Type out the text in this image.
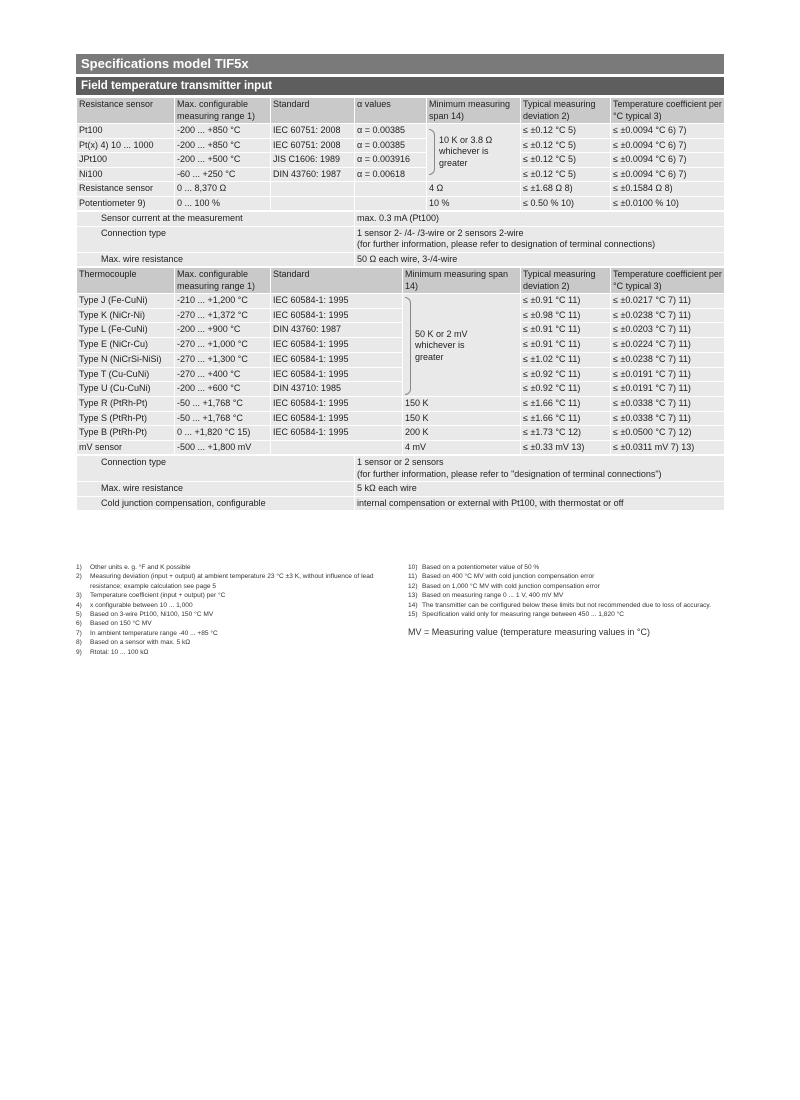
Specifications model TIF5x
Field temperature transmitter input
Resistance sensor	Max. configurable measuring range 1)	Standard	α values	Minimum measuring span 14)	Typical measuring deviation 2)	Temperature coefficient per °C typical 3)
Pt100	-200 ... +850 °C	IEC 60751: 2008	α = 0.00385	10 K or 3.8 Ω whichever is greater	≤ ±0.12 °C 5)	≤ ±0.0094 °C 6) 7)
Pt(x) 4) 10 ... 1000	-200 ... +850 °C	IEC 60751: 2008	α = 0.00385		≤ ±0.12 °C 5)	≤ ±0.0094 °C 6) 7)
JPt100	-200 ... +500 °C	JIS C1606: 1989	α = 0.003916		≤ ±0.12 °C 5)	≤ ±0.0094 °C 6) 7)
Ni100	-60 ... +250 °C	DIN 43760: 1987	α = 0.00618		≤ ±0.12 °C 5)	≤ ±0.0094 °C 6) 7)
Resistance sensor	0 ... 8,370 Ω			4 Ω	≤ ±1.68 Ω 8)	≤ ±0.1584 Ω 8)
Potentiometer 9)	0 ... 100 %			10 %	≤ 0.50 % 10)	≤ ±0.0100 % 10)
Sensor current at the measurement	max. 0.3 mA (Pt100)
Connection type	1 sensor 2- /4- /3-wire or 2 sensors 2-wire
(for further information, please refer to designation of terminal connections)

Max. wire resistance	50 Ω each wire, 3-/4-wire
Thermocouple	Max. configurable measuring range 1)	Standard	Minimum measuring span 14)	Typical measuring deviation 2)	Temperature coefficient per °C typical 3)
Type J (Fe-CuNi)	-210 ... +1,200 °C	IEC 60584-1: 1995	50 K or 2 mV whichever is greater	≤ ±0.91 °C 11)	≤ ±0.0217 °C 7) 11)
Type K (NiCr-Ni)	-270 ... +1,372 °C	IEC 60584-1: 1995		≤ ±0.98 °C 11)	≤ ±0.0238 °C 7) 11)
Type L (Fe-CuNi)	-200 ... +900 °C	DIN 43760: 1987		≤ ±0.91 °C 11)	≤ ±0.0203 °C 7) 11)
Type E (NiCr-Cu)	-270 ... +1,000 °C	IEC 60584-1: 1995		≤ ±0.91 °C 11)	≤ ±0.0224 °C 7) 11)
Type N (NiCrSi-NiSi)	-270 ... +1,300 °C	IEC 60584-1: 1995		≤ ±1.02 °C 11)	≤ ±0.0238 °C 7) 11)
Type T (Cu-CuNi)	-270 ... +400 °C	IEC 60584-1: 1995		≤ ±0.92 °C 11)	≤ ±0.0191 °C 7) 11)
Type U (Cu-CuNi)	-200 ... +600 °C	DIN 43710: 1985		≤ ±0.92 °C 11)	≤ ±0.0191 °C 7) 11)
Type R (PtRh-Pt)	-50 ... +1,768 °C	IEC 60584-1: 1995	150 K	≤ ±1.66 °C 11)	≤ ±0.0338 °C 7) 11)
Type S (PtRh-Pt)	-50 ... +1,768 °C	IEC 60584-1: 1995	150 K	≤ ±1.66 °C 11)	≤ ±0.0338 °C 7) 11)
Type B (PtRh-Pt)	0 ... +1,820 °C 15)	IEC 60584-1: 1995	200 K	≤ ±1.73 °C 12)	≤ ±0.0500 °C 7) 12)
mV sensor	-500 ... +1,800 mV		4 mV	≤ ±0.33 mV 13)	≤ ±0.0311 mV 7) 13)
Connection type	1 sensor or 2 sensors
(for further information, please refer to "designation of terminal connections")

Max. wire resistance	5 kΩ each wire
Cold junction compensation, configurable	internal compensation or external with Pt100, with thermostat or off
1)	Other units e. g. °F and K possible
2)	Measuring deviation (input + output) at ambient temperature 23 °C ±3 K, without influence of lead resistance; example calculation see page 5
3)	Temperature coefficient (input + output) per °C
4)	x configurable between 10 ... 1,000
5)	Based on 3-wire Pt100, Ni100, 150 °C MV
6)	Based on 150 °C MV
7)	In ambient temperature range -40 ... +85 °C
8)	Based on a sensor with max. 5 kΩ
9)	Rtotal: 10 ... 100 kΩ
10) Based on a potentiometer value of 50 %
11) Based on 400 °C MV with cold junction compensation error
12) Based on 1,000 °C MV with cold junction compensation error
13) Based on measuring range 0 ... 1 V, 400 mV MV
14) The transmitter can be configured below these limits but not recommended due to loss of accuracy.
15) Specification valid only for measuring range between 450 ... 1,820 °C
MV = Measuring value (temperature measuring values in °C)
